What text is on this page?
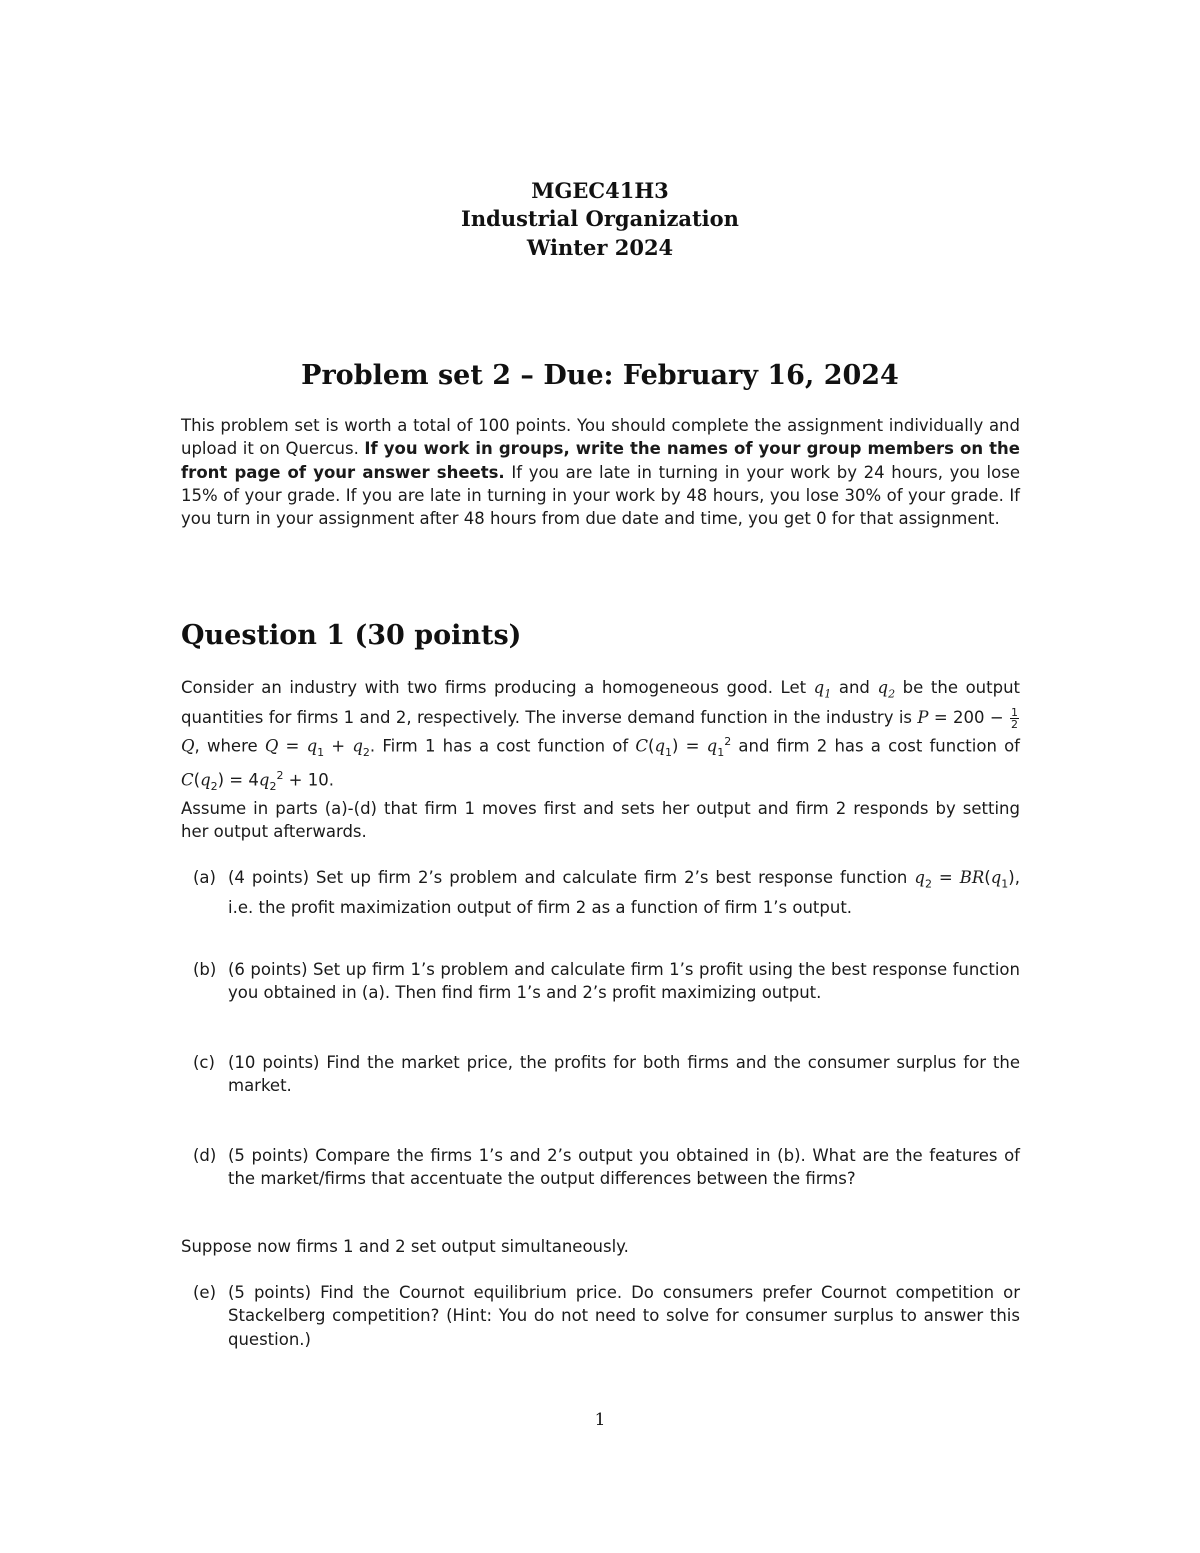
MGEC41H3
Industrial Organization
Winter 2024
Problem set 2 – Due: February 16, 2024
This problem set is worth a total of 100 points. You should complete the assignment individually and upload it on Quercus. If you work in groups, write the names of your group members on the front page of your answer sheets. If you are late in turning in your work by 24 hours, you lose 15% of your grade. If you are late in turning in your work by 48 hours, you lose 30% of your grade. If you turn in your assignment after 48 hours from due date and time, you get 0 for that assignment.
Question 1 (30 points)
Consider an industry with two firms producing a homogeneous good. Let $q_1$ and $q_2$ be the output quantities for firms 1 and 2, respectively. The inverse demand function in the industry is $P = 200 - \frac{1}{2}$
Q, where $Q = q_1 + q_2$. Firm 1 has a cost function of $C(q_1) = q_1^2$ and firm 2 has a cost function of $C(q_2) = 4q_2^2 + 10$.
Assume in parts (a)-(d) that firm 1 moves first and sets her output and firm 2 responds by setting her output afterwards.
(a) (4 points) Set up firm 2’s problem and calculate firm 2’s best response function $q_2 = BR(q_1)$, i.e. the profit maximization output of firm 2 as a function of firm 1’s output.
(b) (6 points) Set up firm 1’s problem and calculate firm 1’s profit using the best response function you obtained in (a). Then find firm 1’s and 2’s profit maximizing output.
(c) (10 points) Find the market price, the profits for both firms and the consumer surplus for the market.
(d) (5 points) Compare the firms 1’s and 2’s output you obtained in (b). What are the features of the market/firms that accentuate the output differences between the firms?
Suppose now firms 1 and 2 set output simultaneously.
(e) (5 points) Find the Cournot equilibrium price. Do consumers prefer Cournot competition or Stackelberg competition? (Hint: You do not need to solve for consumer surplus to answer this question.)
1
